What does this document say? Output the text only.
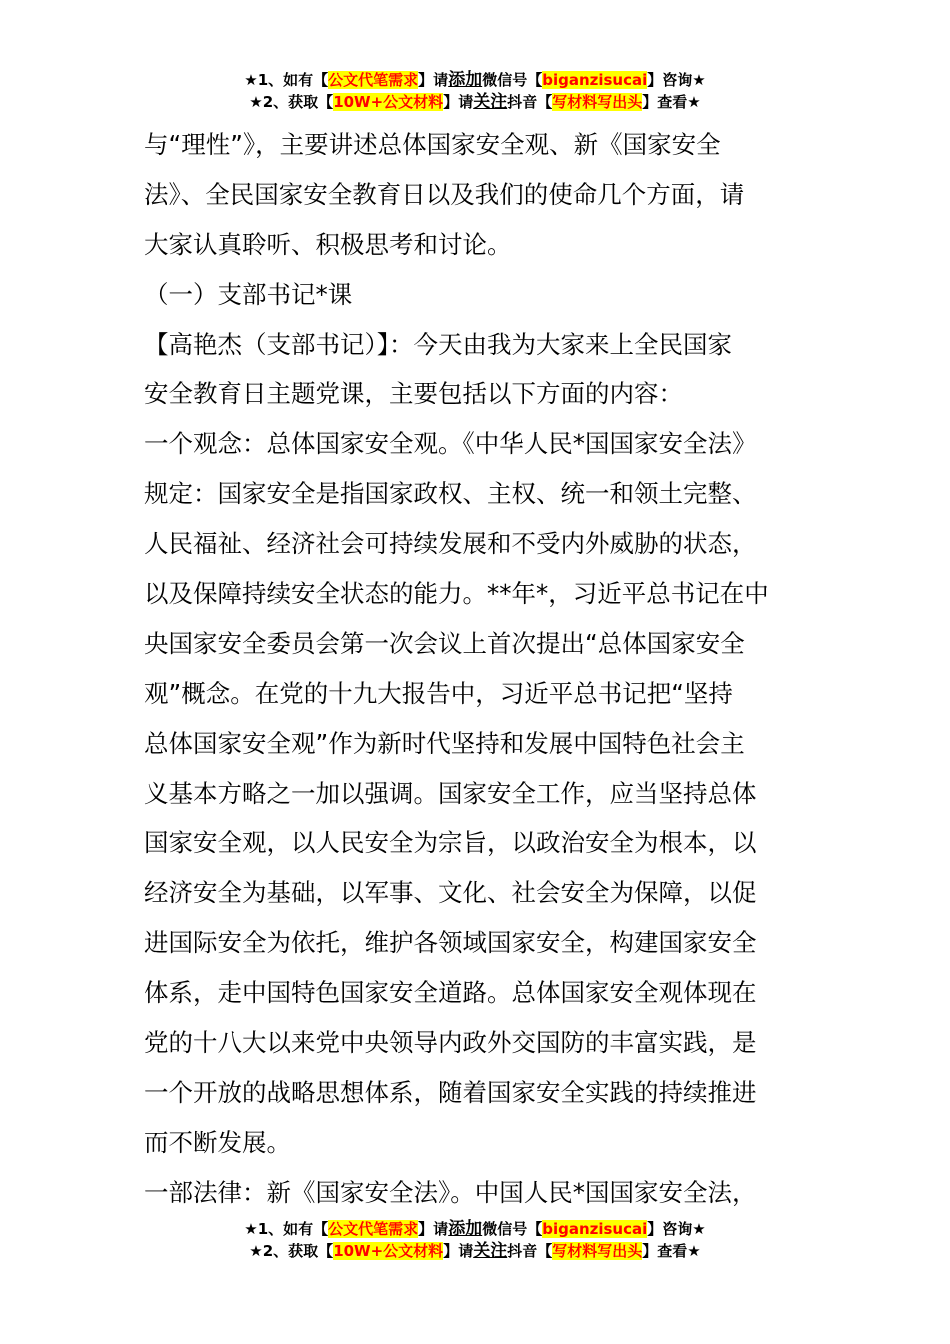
★1、如有【公文代笔需求】请添加微信号【biganzisucai】咨询★
★2、获取【10W+公文材料】请关注抖音【写材料写出头】查看★
与“理性”》，主要讲述总体国家安全观、新《国家安全
法》、全民国家安全教育日以及我们的使命几个方面，请
大家认真聆听、积极思考和讨论。
（一）支部书记*课
【高艳杰（支部书记）】：今天由我为大家来上全民国家
安全教育日主题党课，主要包括以下方面的内容：
一个观念：总体国家安全观。《中华人民*国国家安全法》
规定：国家安全是指国家政权、主权、统一和领土完整、
人民福祉、经济社会可持续发展和不受内外威胁的状态，
以及保障持续安全状态的能力。**年*，习近平总书记在中
央国家安全委员会第一次会议上首次提出“总体国家安全
观”概念。在党的十九大报告中，习近平总书记把“坚持
总体国家安全观”作为新时代坚持和发展中国特色社会主
义基本方略之一加以强调。国家安全工作，应当坚持总体
国家安全观，以人民安全为宗旨，以政治安全为根本，以
经济安全为基础，以军事、文化、社会安全为保障，以促
进国际安全为依托，维护各领域国家安全，构建国家安全
体系，走中国特色国家安全道路。总体国家安全观体现在
党的十八大以来党中央领导内政外交国防的丰富实践，是
一个开放的战略思想体系，随着国家安全实践的持续推进
而不断发展。
一部法律：新《国家安全法》。中国人民*国国家安全法，
★1、如有【公文代笔需求】请添加微信号【biganzisucai】咨询★
★2、获取【10W+公文材料】请关注抖音【写材料写出头】查看★
